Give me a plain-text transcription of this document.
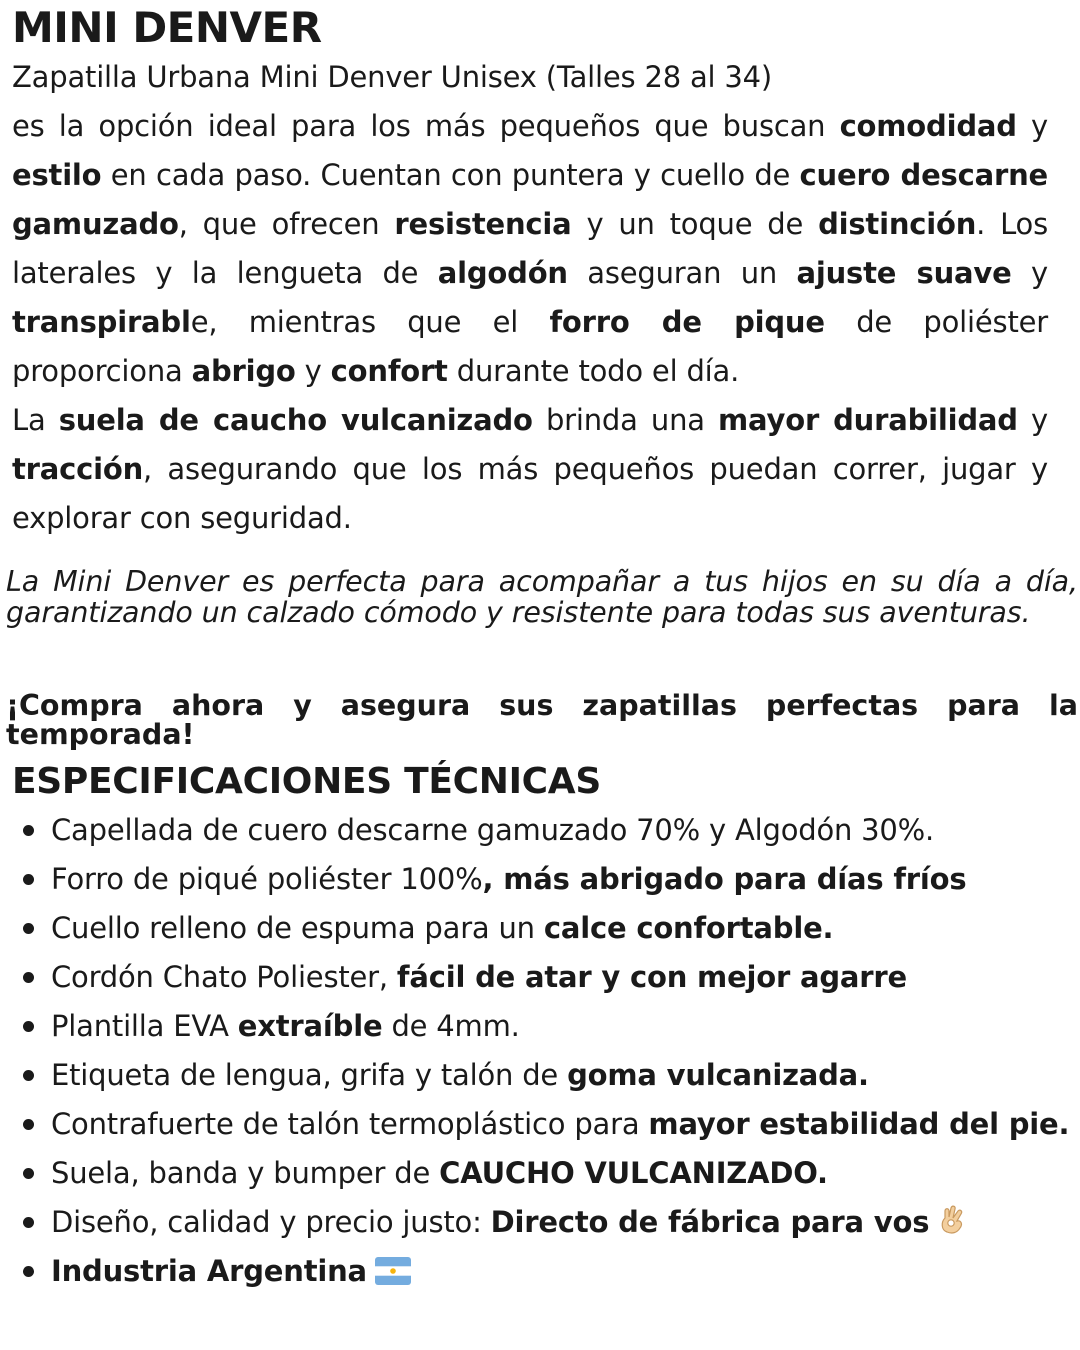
MINI DENVER
Zapatilla Urbana Mini Denver Unisex (Talles 28 al 34)
es la opción ideal para los más pequeños que buscan comodidad y estilo en cada paso. Cuentan con puntera y cuello de cuero descarne gamuzado, que ofrecen resistencia y un toque de distinción. Los laterales y la lengueta de algodón aseguran un ajuste suave y transpirable, mientras que el forro de pique de poliéster proporciona abrigo y confort durante todo el día.
La suela de caucho vulcanizado brinda una mayor durabilidad y tracción, asegurando que los más pequeños puedan correr, jugar y explorar con seguridad.

La Mini Denver es perfecta para acompañar a tus hijos en su día a día, garantizando un calzado cómodo y resistente para todas sus aventuras.

¡Compra ahora y asegura sus zapatillas perfectas para la temporada!

ESPECIFICACIONES TÉCNICAS
Capellada de cuero descarne gamuzado 70% y Algodón 30%.
Forro de piqué poliéster 100%, más abrigado para días fríos
Cuello relleno de espuma para un calce confortable.
Cordón Chato Poliester, fácil de atar y con mejor agarre
Plantilla EVA extraíble de 4mm.
Etiqueta de lengua, grifa y talón de goma vulcanizada.
Contrafuerte de talón termoplástico para mayor estabilidad del pie.
Suela, banda y bumper de CAUCHO VULCANIZADO.
Diseño, calidad y precio justo: Directo de fábrica para vos
Industria Argentina
